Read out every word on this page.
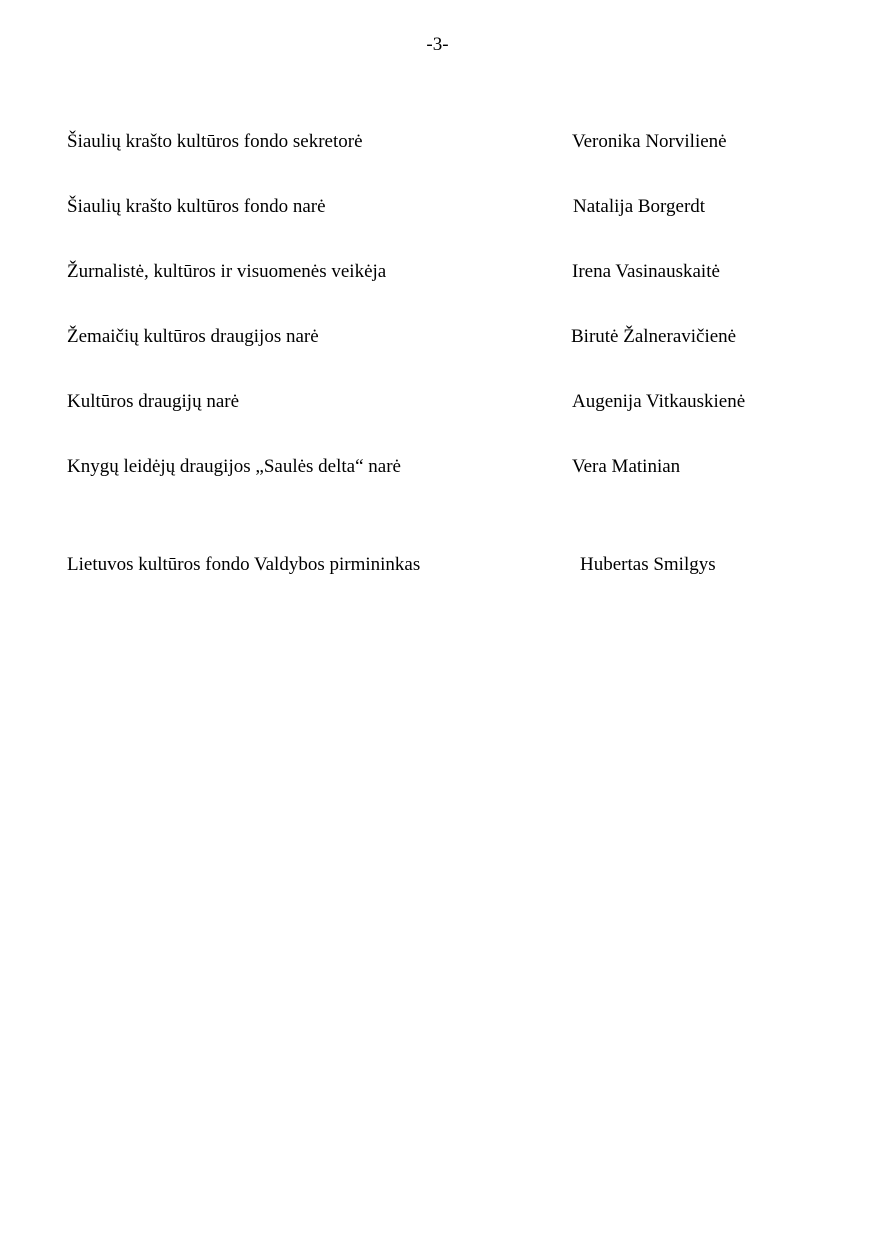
-3-
Šiaulių krašto kultūros fondo sekretorė	Veronika Norvilienė
Šiaulių krašto kultūros fondo narė	Natalija Borgerdt
Žurnalistė, kultūros ir visuomenės veikėja	Irena Vasinauskaitė
Žemaičių kultūros draugijos narė	Birutė Žalneravičienė
Kultūros draugijų narė	Augenija Vitkauskienė
Knygų leidėjų draugijos „Saulės delta“ narė	Vera Matinian
Lietuvos kultūros fondo Valdybos pirmininkas	Hubertas Smilgys
